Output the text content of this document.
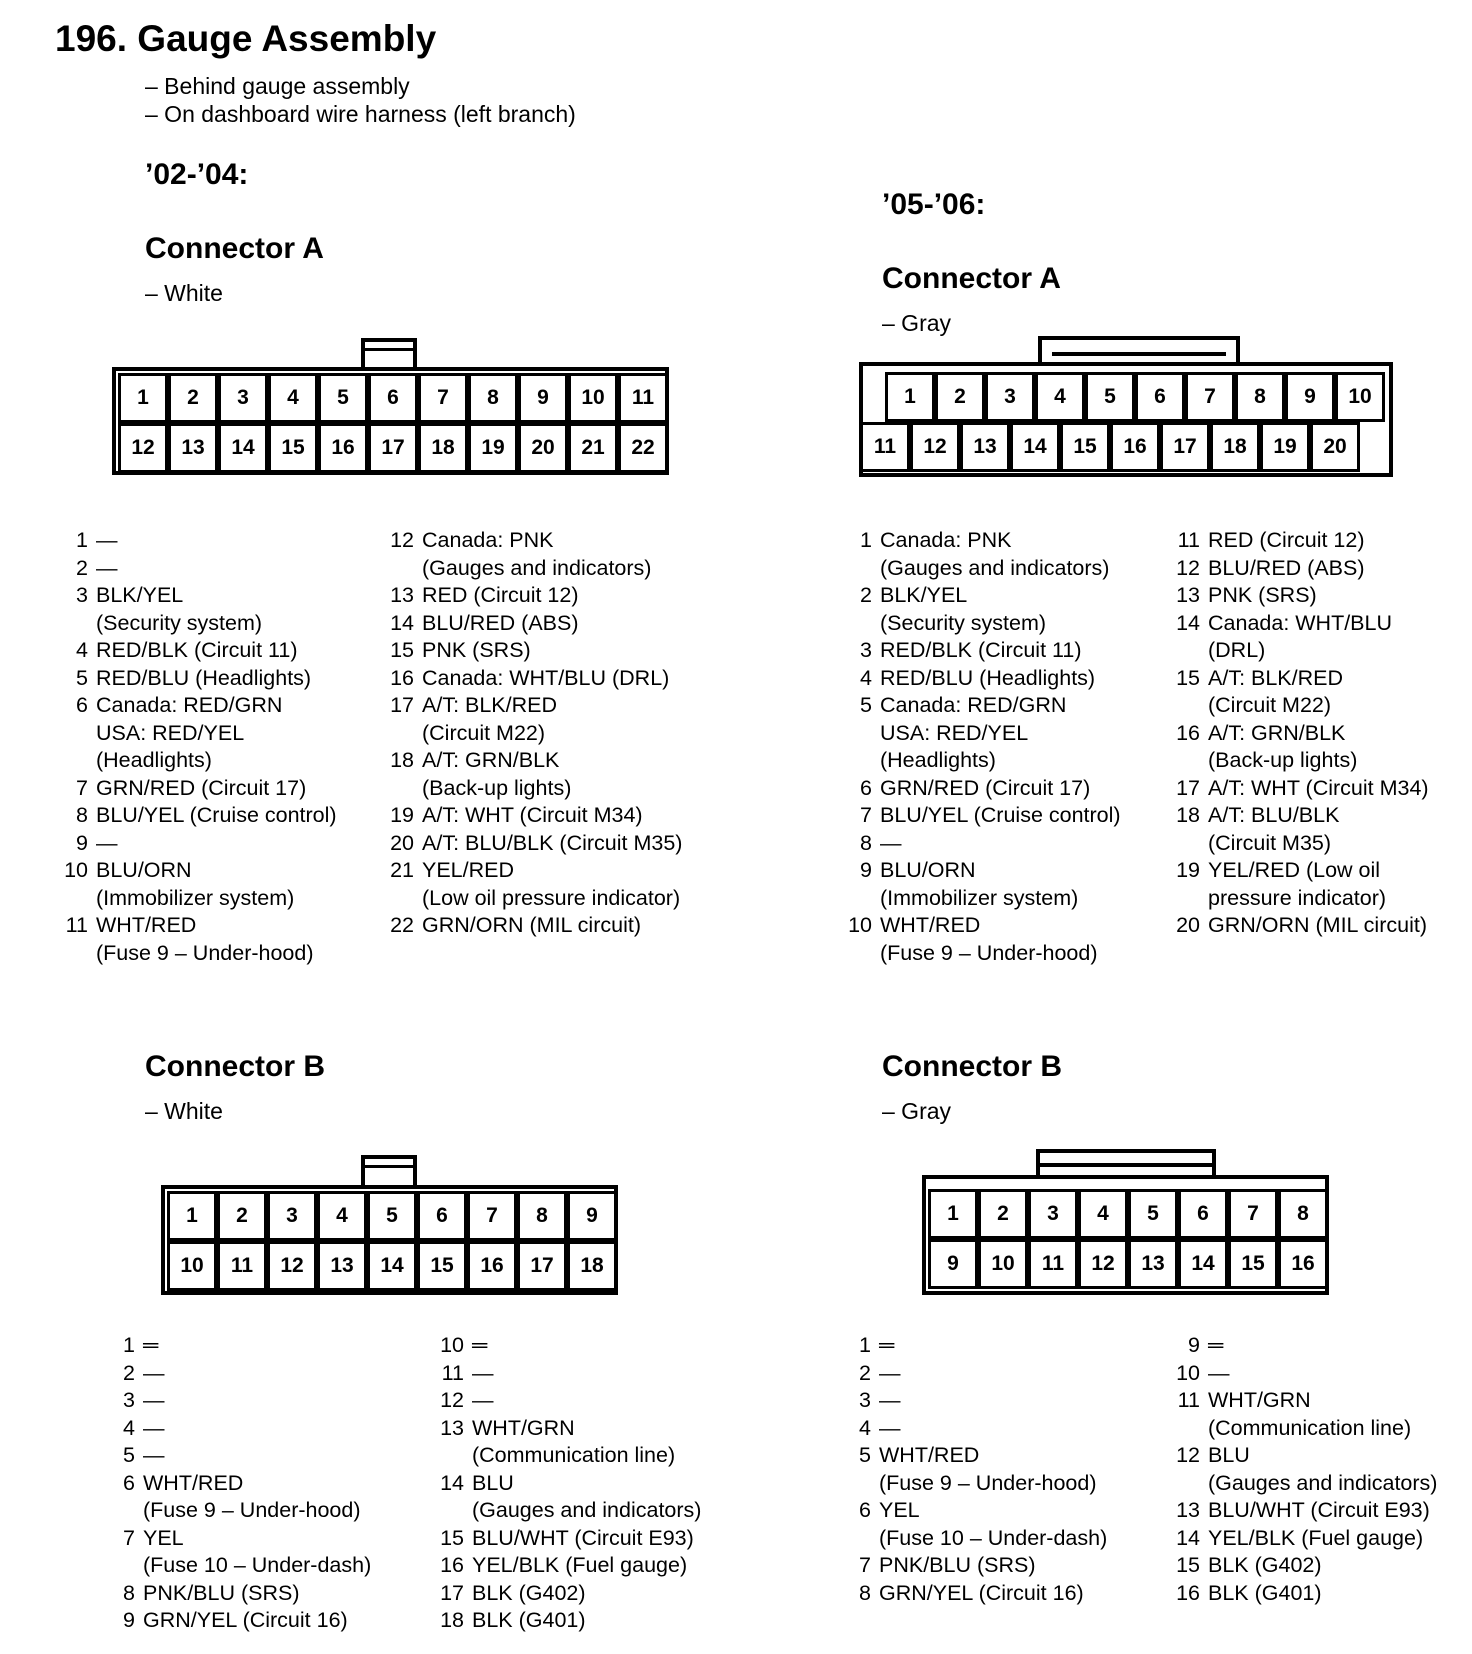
196. Gauge Assembly
– Behind gauge assembly
– On dashboard wire harness (left branch)
’02-’04:
Connector A
– White
1	2	3	4	5	6	7	8	9	10	11
12	13	14	15	16	17	18	19	20	21	22
1 —
2 —
3 BLK/YEL
(Security system)
4 RED/BLK (Circuit 11)
5 RED/BLU (Headlights)
6 Canada: RED/GRN
USA: RED/YEL
(Headlights)
7 GRN/RED (Circuit 17)
8 BLU/YEL (Cruise control)
9 —
10 BLU/ORN
(Immobilizer system)
11 WHT/RED
(Fuse 9 – Under-hood)
12 Canada: PNK
(Gauges and indicators)
13 RED (Circuit 12)
14 BLU/RED (ABS)
15 PNK (SRS)
16 Canada: WHT/BLU (DRL)
17 A/T: BLK/RED
(Circuit M22)
18 A/T: GRN/BLK
(Back-up lights)
19 A/T: WHT (Circuit M34)
20 A/T: BLU/BLK (Circuit M35)
21 YEL/RED
(Low oil pressure indicator)
22 GRN/ORN (MIL circuit)
’05-’06:
Connector A
– Gray
1	2	3	4	5	6	7	8	9	10
11	12	13	14	15	16	17	18	19	20
1 Canada: PNK
(Gauges and indicators)
2 BLK/YEL
(Security system)
3 RED/BLK (Circuit 11)
4 RED/BLU (Headlights)
5 Canada: RED/GRN
USA: RED/YEL
(Headlights)
6 GRN/RED (Circuit 17)
7 BLU/YEL (Cruise control)
8 —
9 BLU/ORN
(Immobilizer system)
10 WHT/RED
(Fuse 9 – Under-hood)
11 RED (Circuit 12)
12 BLU/RED (ABS)
13 PNK (SRS)
14 Canada: WHT/BLU
(DRL)
15 A/T: BLK/RED
(Circuit M22)
16 A/T: GRN/BLK
(Back-up lights)
17 A/T: WHT (Circuit M34)
18 A/T: BLU/BLK
(Circuit M35)
19 YEL/RED (Low oil
pressure indicator)
20 GRN/ORN (MIL circuit)
Connector B
– White
1	2	3	4	5	6	7	8	9
10	11	12	13	14	15	16	17	18
1 ═
2 —
3 —
4 —
5 —
6 WHT/RED
(Fuse 9 – Under-hood)
7 YEL
(Fuse 10 – Under-dash)
8 PNK/BLU (SRS)
9 GRN/YEL (Circuit 16)
10 ═
11 —
12 —
13 WHT/GRN
(Communication line)
14 BLU
(Gauges and indicators)
15 BLU/WHT (Circuit E93)
16 YEL/BLK (Fuel gauge)
17 BLK (G402)
18 BLK (G401)
Connector B
– Gray
1	2	3	4	5	6	7	8
9	10	11	12	13	14	15	16
1 ═
2 —
3 —
4 —
5 WHT/RED
(Fuse 9 – Under-hood)
6 YEL
(Fuse 10 – Under-dash)
7 PNK/BLU (SRS)
8 GRN/YEL (Circuit 16)
9 ═
10 —
11 WHT/GRN
(Communication line)
12 BLU
(Gauges and indicators)
13 BLU/WHT (Circuit E93)
14 YEL/BLK (Fuel gauge)
15 BLK (G402)
16 BLK (G401)
